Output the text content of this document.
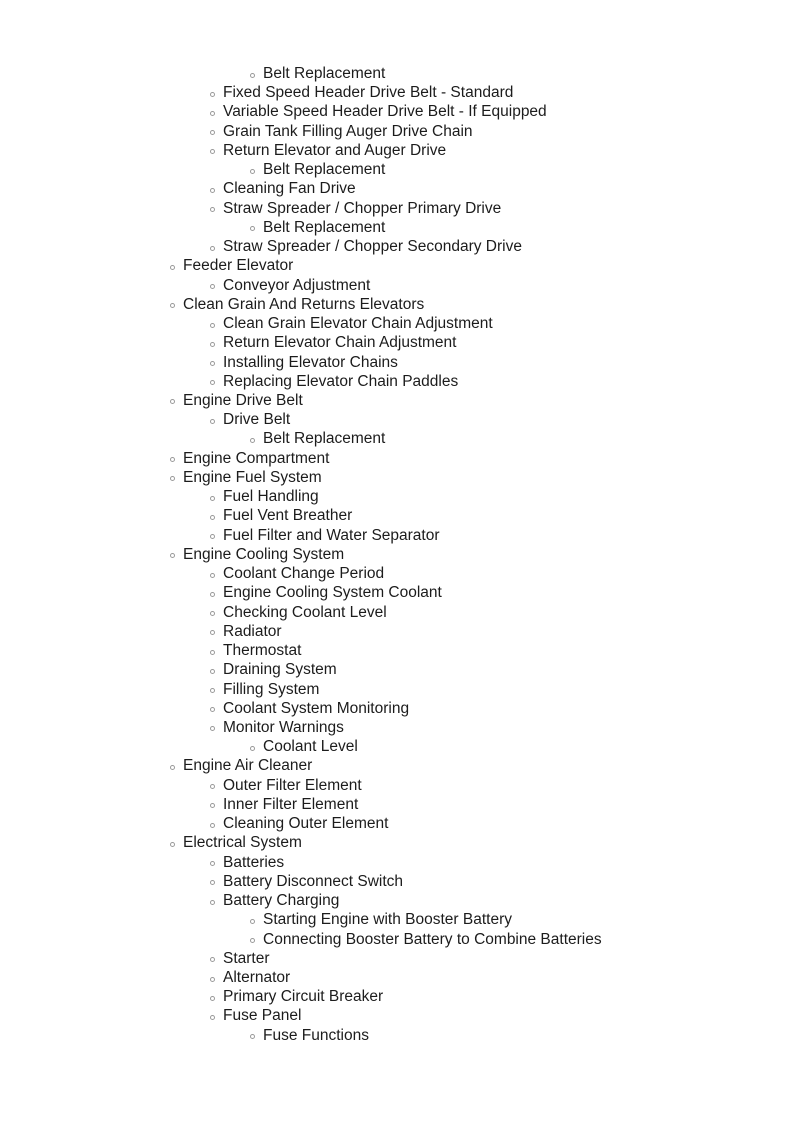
Belt Replacement
Fixed Speed Header Drive Belt - Standard
Variable Speed Header Drive Belt - If Equipped
Grain Tank Filling Auger Drive Chain
Return Elevator and Auger Drive
Belt Replacement
Cleaning Fan Drive
Straw Spreader / Chopper Primary Drive
Belt Replacement
Straw Spreader / Chopper Secondary Drive
Feeder Elevator
Conveyor Adjustment
Clean Grain And Returns Elevators
Clean Grain Elevator Chain Adjustment
Return Elevator Chain Adjustment
Installing Elevator Chains
Replacing Elevator Chain Paddles
Engine Drive Belt
Drive Belt
Belt Replacement
Engine Compartment
Engine Fuel System
Fuel Handling
Fuel Vent Breather
Fuel Filter and Water Separator
Engine Cooling System
Coolant Change Period
Engine Cooling System Coolant
Checking Coolant Level
Radiator
Thermostat
Draining System
Filling System
Coolant System Monitoring
Monitor Warnings
Coolant Level
Engine Air Cleaner
Outer Filter Element
Inner Filter Element
Cleaning Outer Element
Electrical System
Batteries
Battery Disconnect Switch
Battery Charging
Starting Engine with Booster Battery
Connecting Booster Battery to Combine Batteries
Starter
Alternator
Primary Circuit Breaker
Fuse Panel
Fuse Functions
